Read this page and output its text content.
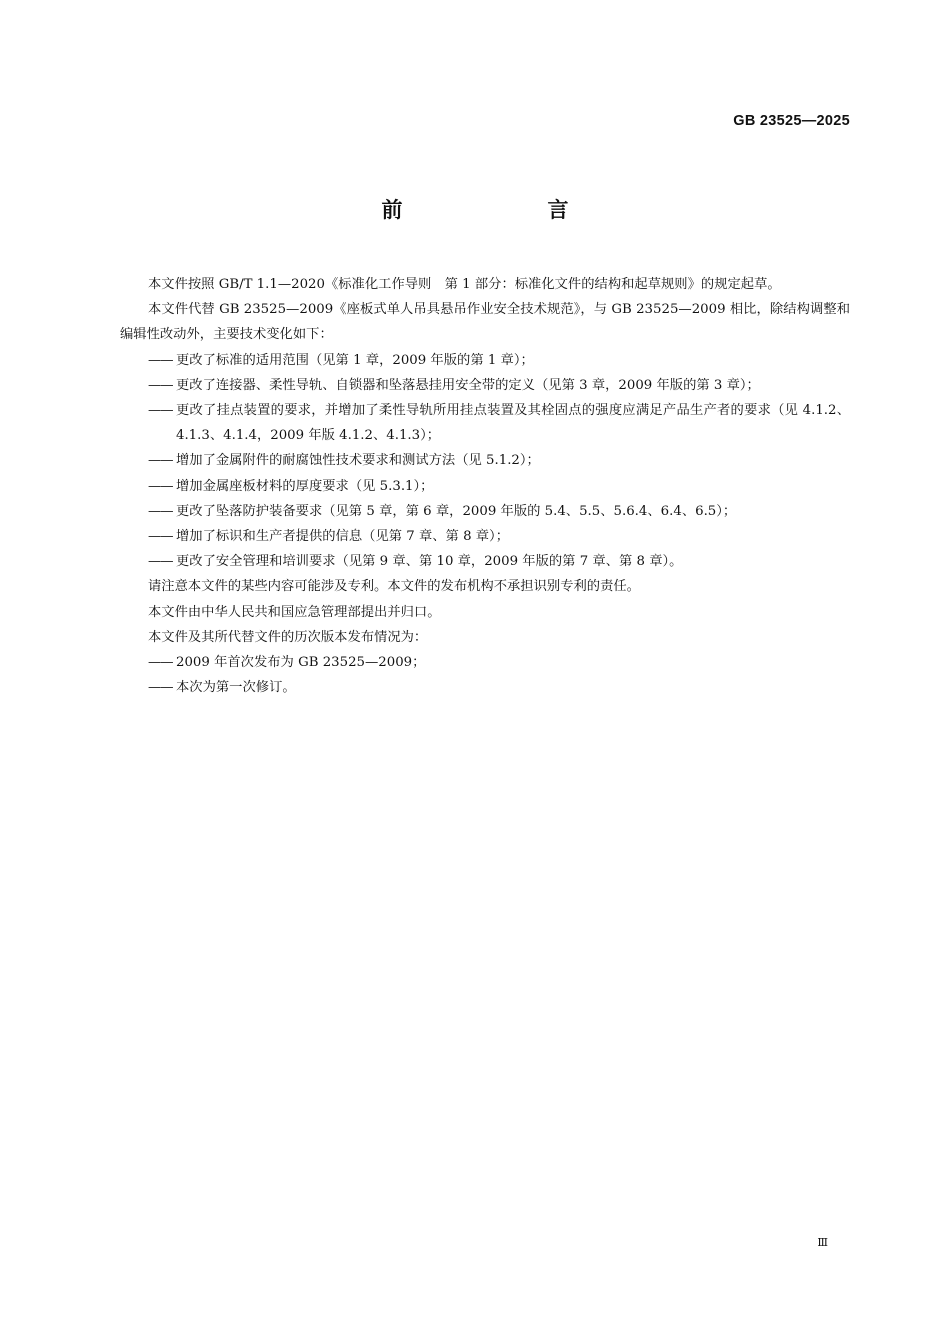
GB 23525—2025
前　言

本文件按照 GB/T 1.1—2020《标准化工作导则　第 1 部分：标准化文件的结构和起草规则》的规定起草。

本文件代替 GB 23525—2009《座板式单人吊具悬吊作业安全技术规范》，与 GB 23525—2009 相比，除结构调整和编辑性改动外，主要技术变化如下：

—— 更改了标准的适用范围（见第 1 章，2009 年版的第 1 章）；

—— 更改了连接器、柔性导轨、自锁器和坠落悬挂用安全带的定义（见第 3 章，2009 年版的第 3 章）；

—— 更改了挂点装置的要求，并增加了柔性导轨所用挂点装置及其栓固点的强度应满足产品生产者的要求（见 4.1.2、4.1.3、4.1.4，2009 年版 4.1.2、4.1.3）；

—— 增加了金属附件的耐腐蚀性技术要求和测试方法（见 5.1.2）；

—— 增加金属座板材料的厚度要求（见 5.3.1）；

—— 更改了坠落防护装备要求（见第 5 章，第 6 章，2009 年版的 5.4、5.5、5.6.4、6.4、6.5）；

—— 增加了标识和生产者提供的信息（见第 7 章、第 8 章）；

—— 更改了安全管理和培训要求（见第 9 章、第 10 章，2009 年版的第 7 章、第 8 章）。

请注意本文件的某些内容可能涉及专利。本文件的发布机构不承担识别专利的责任。

本文件由中华人民共和国应急管理部提出并归口。

本文件及其所代替文件的历次版本发布情况为：

—— 2009 年首次发布为 GB 23525—2009；

—— 本次为第一次修订。

Ⅲ
